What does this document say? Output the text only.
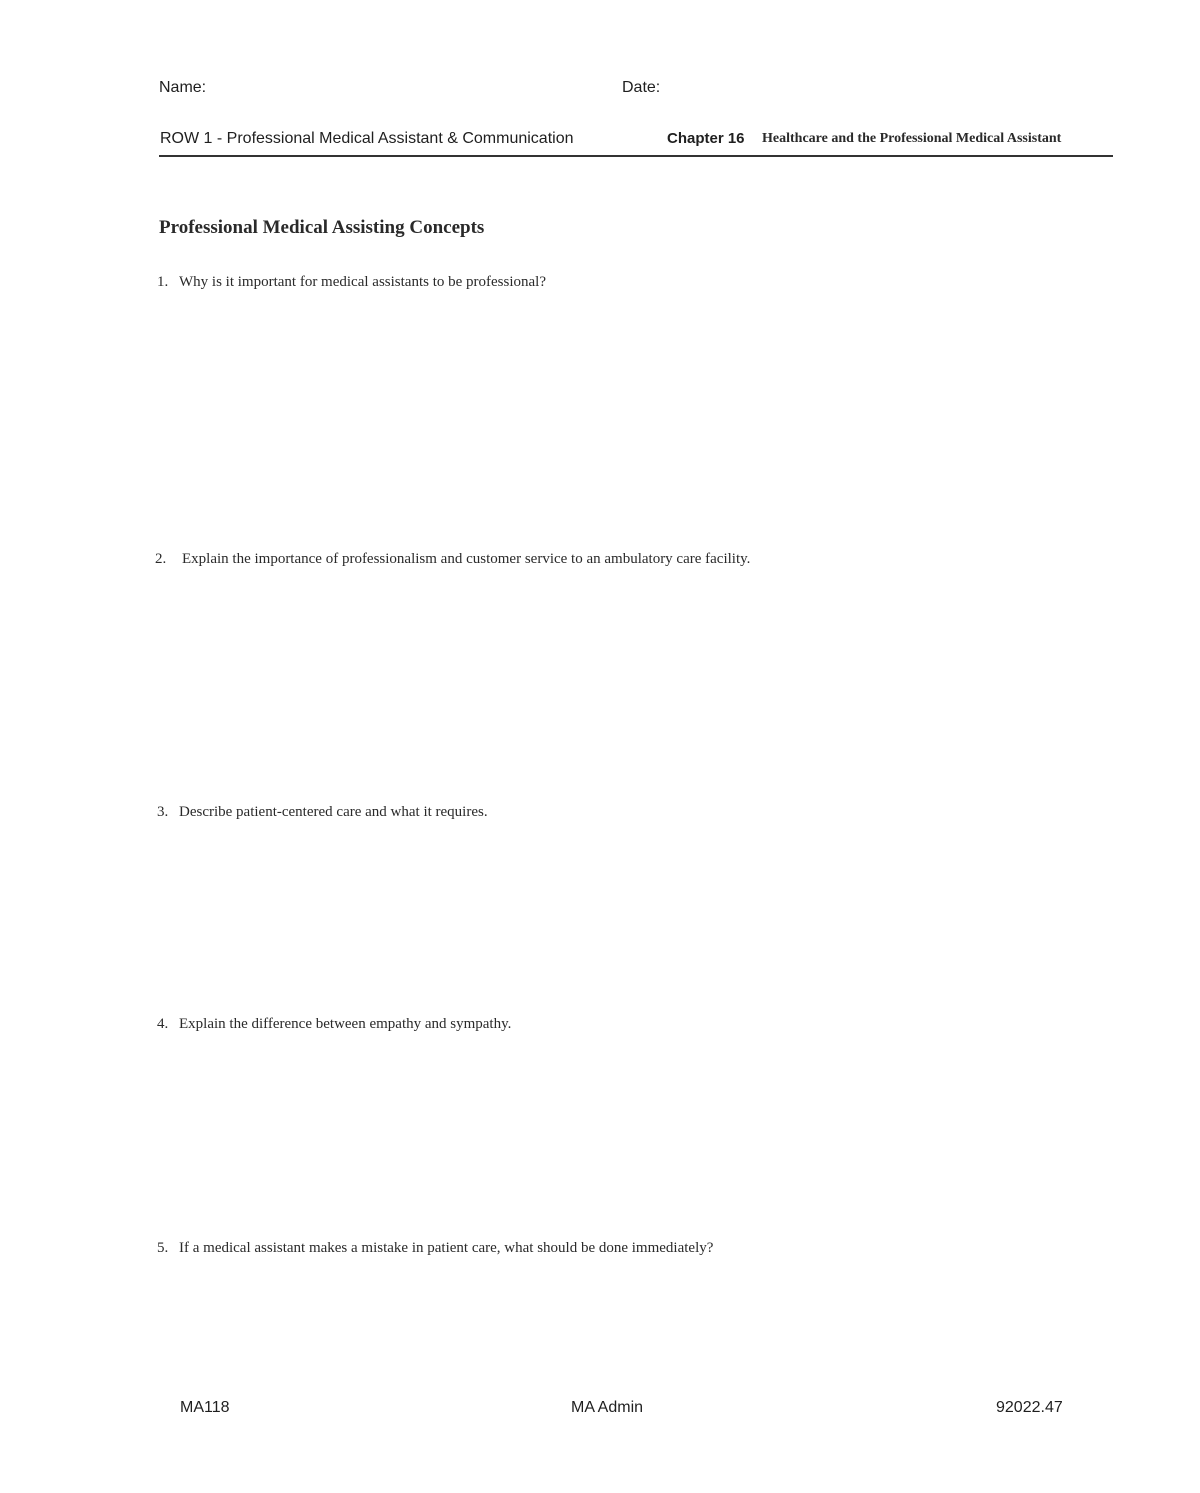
Name:	Date:
ROW 1 - Professional Medical Assistant & Communication	Chapter 16 Healthcare and the Professional Medical Assistant
Professional Medical Assisting Concepts
1. Why is it important for medical assistants to be professional?
2. Explain the importance of professionalism and customer service to an ambulatory care facility.
3. Describe patient-centered care and what it requires.
4. Explain the difference between empathy and sympathy.
5. If a medical assistant makes a mistake in patient care, what should be done immediately?
MA118	MA Admin	92022.47
